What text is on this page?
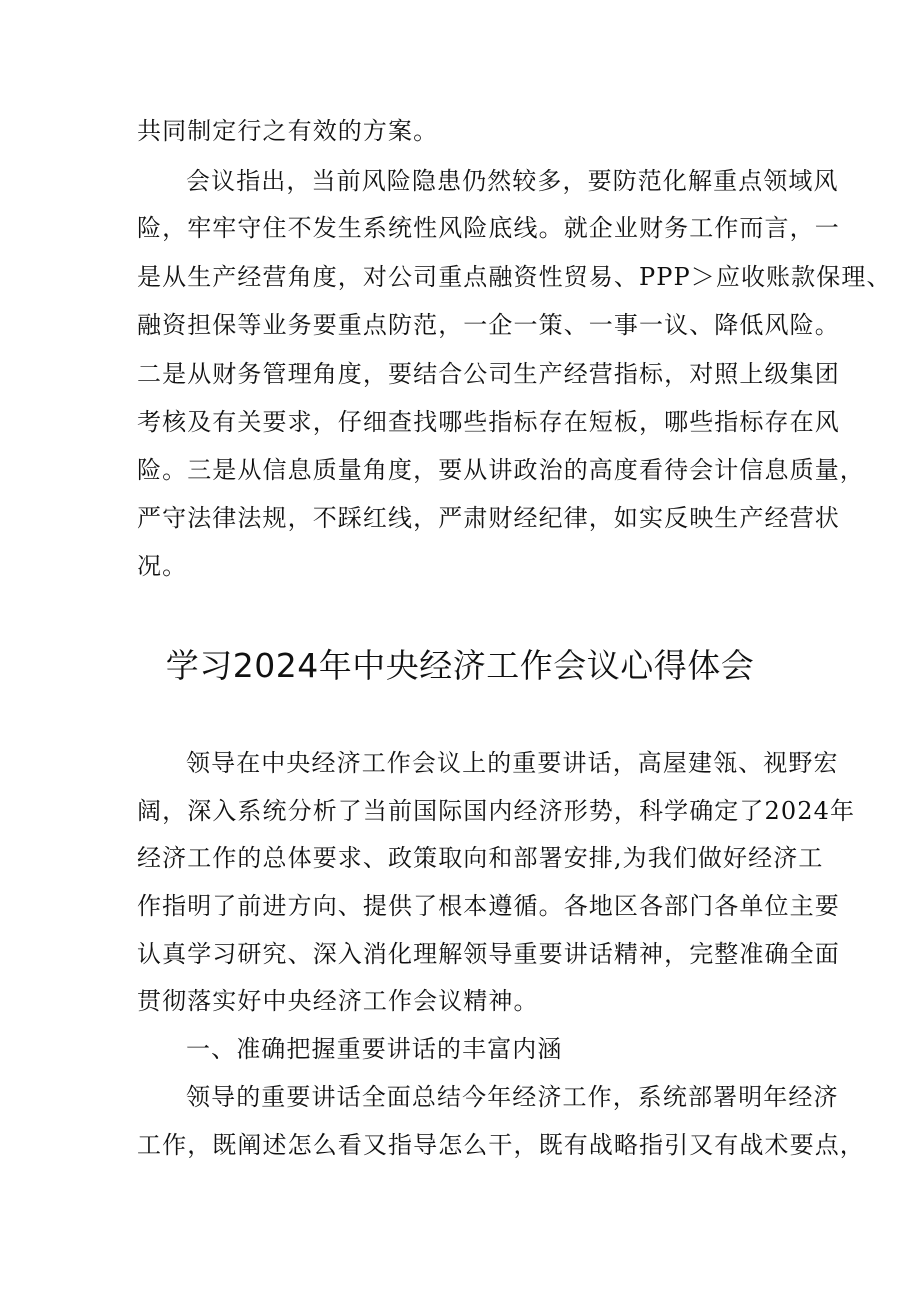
共同制定行之有效的方案。
会议指出，当前风险隐患仍然较多，要防范化解重点领域风
险，牢牢守住不发生系统性风险底线。就企业财务工作而言，一
是从生产经营角度，对公司重点融资性贸易、PPP＞应收账款保理、
融资担保等业务要重点防范，一企一策、一事一议、降低风险。
二是从财务管理角度，要结合公司生产经营指标，对照上级集团
考核及有关要求，仔细查找哪些指标存在短板，哪些指标存在风
险。三是从信息质量角度，要从讲政治的高度看待会计信息质量，
严守法律法规，不踩红线，严肃财经纪律，如实反映生产经营状
况。
学习2024年中央经济工作会议心得体会
领导在中央经济工作会议上的重要讲话，高屋建瓴、视野宏
阔，深入系统分析了当前国际国内经济形势，科学确定了2024年
经济工作的总体要求、政策取向和部署安排,为我们做好经济工
作指明了前进方向、提供了根本遵循。各地区各部门各单位主要
认真学习研究、深入消化理解领导重要讲话精神，完整准确全面
贯彻落实好中央经济工作会议精神。
一、准确把握重要讲话的丰富内涵
领导的重要讲话全面总结今年经济工作，系统部署明年经济
工作，既阐述怎么看又指导怎么干，既有战略指引又有战术要点，
